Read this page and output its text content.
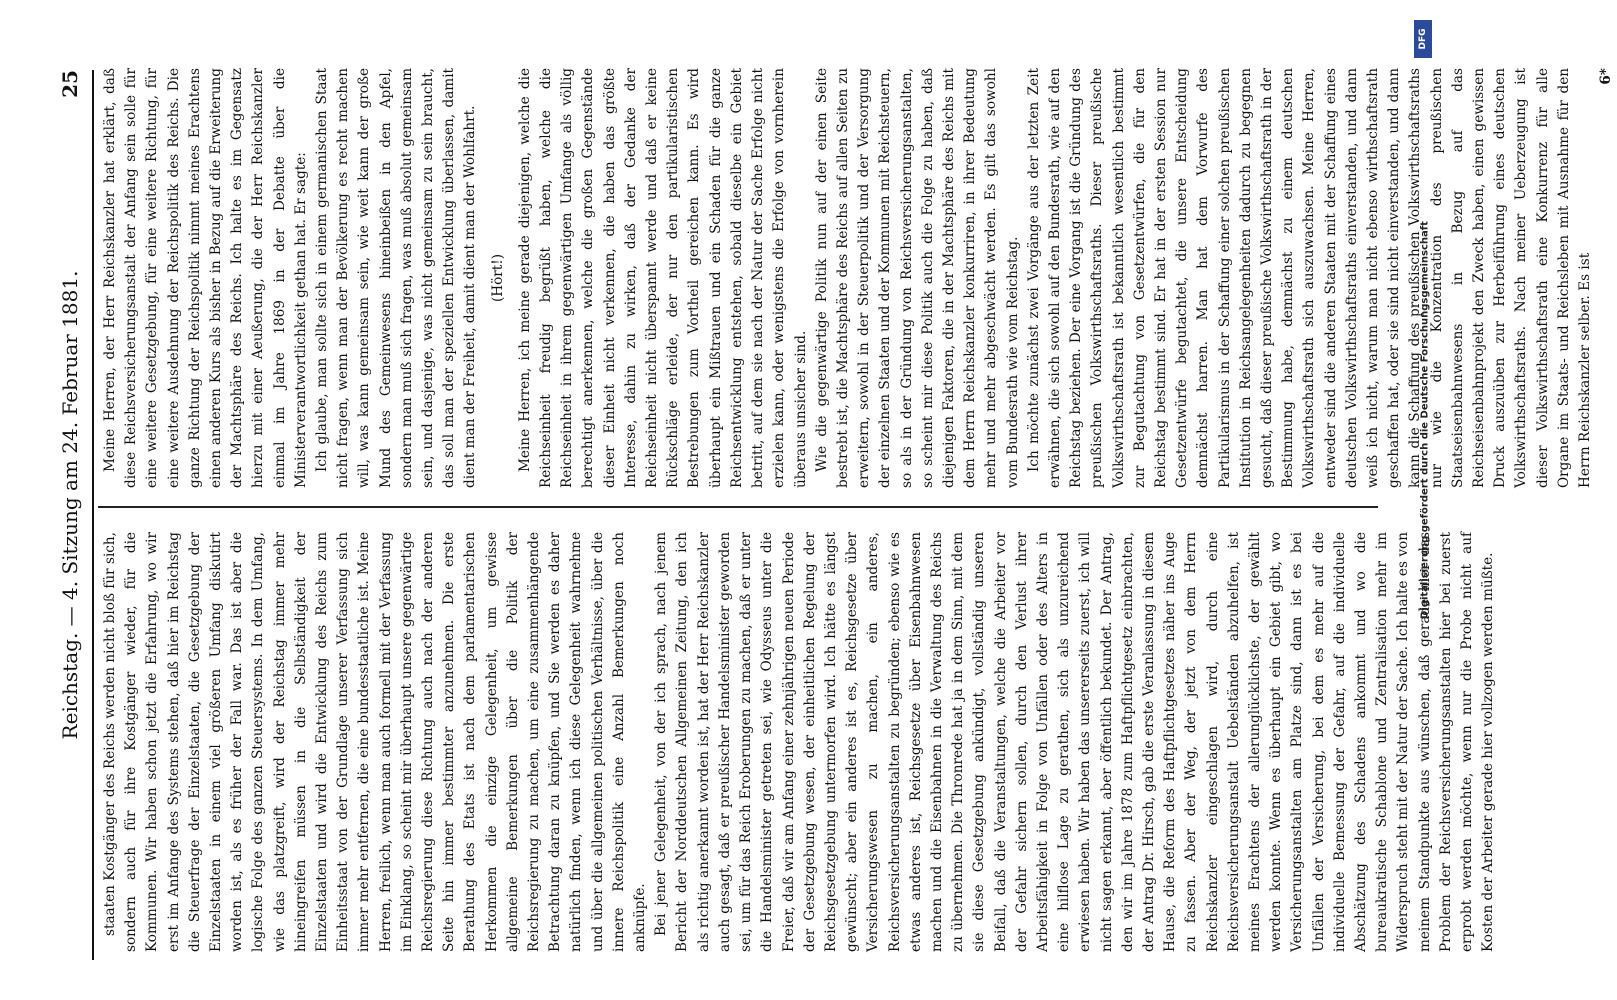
Reichstag. — 4. Sitzung am 24. Februar 1881.
25

staaten Kostgänger des Reichs werden nicht bloß für sich, sondern auch für ihre Kostgänger wieder, für die Kommunen. Wir haben schon jetzt die Erfahrung, wo wir erst im Anfange des Systems stehen, daß hier im Reichstag die Steuerfrage der Einzelstaaten, die Gesetzgebung der Einzelstaaten in einem viel größeren Umfang diskutirt worden ist, als es früher der Fall war. Das ist aber die logische Folge des ganzen Steuersystems. In dem Umfang, wie das platzgreift, wird der Reichstag immer mehr hineingreifen müssen in die Selbständigkeit der Einzelstaaten und wird die Entwicklung des Reichs zum Einheitsstaat von der Grundlage unserer Verfassung sich immer mehr entfernen, die eine bundesstaatliche ist. Meine Herren, freilich, wenn man auch formell mit der Verfassung im Einklang, so scheint mir überhaupt unsere gegenwärtige Reichsregierung diese Richtung auch nach der anderen Seite hin immer bestimmter anzunehmen. Die erste Berathung des Etats ist nach dem parlamentarischen Herkommen die einzige Gelegenheit, um gewisse allgemeine Bemerkungen über die Politik der Reichsregierung zu machen, um eine zusammenhängende Betrachtung daran zu knüpfen, und Sie werden es daher natürlich finden, wenn ich diese Gelegenheit wahrnehme und über die allgemeinen politischen Verhältnisse, über die innere Reichspolitik eine Anzahl Bemerkungen noch anknüpfe. Bei jener Gelegenheit, von der ich sprach, nach jenem Bericht der Norddeutschen Allgemeinen Zeitung, den ich als richtig anerkannt worden ist, hat der Herr Reichskanzler auch gesagt, daß er preußischer Handelsminister geworden sei, um für das Reich Eroberungen zu machen, daß er unter die Handelsminister getreten sei, wie Odysseus unter die Freier, daß wir am Anfang einer zehnjährigen neuen Periode der Gesetzgebung wesen, der einheitlichen Regelung der Reichsgesetzgebung untermorfen wird. Ich hätte es längst gewünscht; aber ein anderes ist es, Reichsgesetze über Versicherungswesen zu machen, ein anderes, Reichsversicherungsanstalten zu begründen; ebenso wie es etwas anderes ist, Reichsgesetze über Eisenbahnwesen machen und die Eisenbahnen in die Verwaltung des Reichs zu übernehmen. Die Thronrede hat ja in dem Sinn, mit dem sie diese Gesetzgebung ankündigt, vollständig unseren Beifall, daß die Veranstaltungen, welche die Arbeiter vor der Gefahr sichern sollen, durch den Verlust ihrer Arbeitsfähigkeit in Folge von Unfällen oder des Alters in eine hilflose Lage zu gerathen, sich als unzureichend erwiesen haben. Wir haben das unsererseits zuerst, ich will nicht sagen erkannt, aber öffentlich bekundet. Der Antrag, den wir im Jahre 1878 zum Haftpflichtgesetz einbrachten, der Antrag Dr. Hirsch, gab die erste Veranlassung in diesem Hause, die Reform des Haftpflichtgesetzes näher ins Auge zu fassen. Aber der Weg, der jetzt von dem Herrn Reichskanzler eingeschlagen wird, durch eine Reichsversicherungsanstalt Uebelständen abzuhelfen, ist meines Erachtens der allerunglücklichste, der gewählt werden konnte. Wenn es überhaupt ein Gebiet gibt, wo Versicherungsanstalten am Platze sind, dann ist es bei Unfällen der Versicherung, bei dem es mehr auf die individuelle Bemessung der Gefahr, auf die individuelle Abschätzung des Schadens ankommt und wo die bureaukratische Schablone und Zentralisation mehr im Widerspruch steht mit der Natur der Sache. Ich halte es von meinem Standpunkte aus wünschen, daß gerade hier das Problem der Reichsversicherungsanstalten hier bei zuerst erprobt werden möchte, wenn nur die Probe nicht auf Kosten der Arbeiter gerade hier vollzogen werden müßte.

Meine Herren, der Herr Reichskanzler hat erklärt, daß diese Reichsversicherungsanstalt der Anfang sein solle für eine weitere Gesetzgebung, für eine weitere Richtung, für eine weitere Ausdehnung der Reichspolitik des Reichs. Die ganze Richtung der Reichspolitik nimmt meines Erachtens einen anderen Kurs als bisher in Bezug auf die Erweiterung der Machtsphäre des Reichs. Ich halte es im Gegensatz hierzu mit einer Aeußerung, die der Herr Reichskanzler einmal im Jahre 1869 in der Debatte über die Ministerverantwortlichkeit gethan hat. Er sagte: Ich glaube, man sollte sich in einem germanischen Staat nicht fragen, wenn man der Bevölkerung es recht machen will, was kann gemeinsam sein, wie weit kann der große Mund des Gemeinwesens hineinbeißen in den Apfel, sondern man muß sich fragen, was muß absolut gemeinsam sein, und dasjenige, was nicht gemeinsam zu sein braucht, das soll man der speziellen Entwicklung überlassen, damit dient man der Freiheit, damit dient man der Wohlfahrt. (Hört!) Meine Herren, ich meine gerade diejenigen, welche die Reichseinheit freudig begrüßt haben, welche die Reichseinheit in ihrem gegenwärtigen Umfange als völlig berechtigt anerkennen, welche die großen Gegenstände dieser Einheit nicht verkennen, die haben das größte Interesse, dahin zu wirken, daß der Gedanke der Reichseinheit nicht überspannt werde und daß er keine Rückschläge erleide, der nur den partikularistischen Bestrebungen zum Vortheil gereichen kann. Es wird überhaupt ein Mißtrauen und ein Schaden für die ganze Reichsentwicklung entstehen, sobald dieselbe ein Gebiet betritt, auf dem sie nach der Natur der Sache Erfolge nicht erzielen kann, oder wenigstens die Erfolge von vornherein überaus unsicher sind. Wie die gegenwärtige Politik nun auf der einen Seite bestrebt ist, die Machtsphäre des Reichs auf allen Seiten zu erweitern, sowohl in der Steuerpolitik und der Versorgung der einzelnen Staaten und der Kommunen mit Reichsteuern, so als in der Gründung von Reichsversicherungsanstalten, so scheint mir diese Politik auch die Folge zu haben, daß diejenigen Faktoren, die in der Machtsphäre des Reichs mit dem Herrn Reichskanzler konkurriren, in ihrer Bedeutung mehr und mehr abgeschwächt werden. Es gilt das sowohl vom Bundesrath wie vom Reichstag. Ich möchte zunächst zwei Vorgänge aus der letzten Zeit erwähnen, die sich sowohl auf den Bundesrath, wie auf den Reichstag beziehen. Der eine Vorgang ist die Gründung des preußischen Volkswirthschaftsraths. Dieser preußische Volkswirthschaftsrath ist bekanntlich wesentlich bestimmt zur Begutachtung von Gesetzentwürfen, die für den Reichstag bestimmt sind. Er hat in der ersten Session nur Gesetzentwürfe begutachtet, die unsere Entscheidung demnächst harren. Man hat dem Vorwurfe des Partikularismus in der Schaffung einer solchen preußischen Institution in Reichsangelegenheiten dadurch zu begegnen gesucht, daß dieser preußische Volkswirthschaftsrath in der Bestimmung habe, demnächst zu einem deutschen Volkswirthschaftsrath sich auszuwachsen. Meine Herren, entweder sind die anderen Staaten mit der Schaffung eines deutschen Volkswirthschaftsraths einverstanden, und dann weiß ich nicht, warum man nicht ebenso wirthschaftsrath geschaffen hat, oder sie sind nicht einverstanden, und dann kann die Schaffung des preußischen Volkswirthschaftsraths nur wie die Konzentration des preußischen Staatseisenbahnwesens in Bezug auf das Reichseisenbahnprojekt den Zweck haben, einen gewissen Druck auszuüben zur Herbeiführung eines deutschen Volkswirthschaftsraths. Nach meiner Ueberzeugung ist dieser Volkswirthschaftsrath eine Konkurrenz für alle Organe im Staats- und Reichsleben mit Ausnahme für den Herrn Reichskanzler selber. Es ist

6*

DFG
Digitalisierung gefördert durch die Deutsche Forschungsgemeinschaft
